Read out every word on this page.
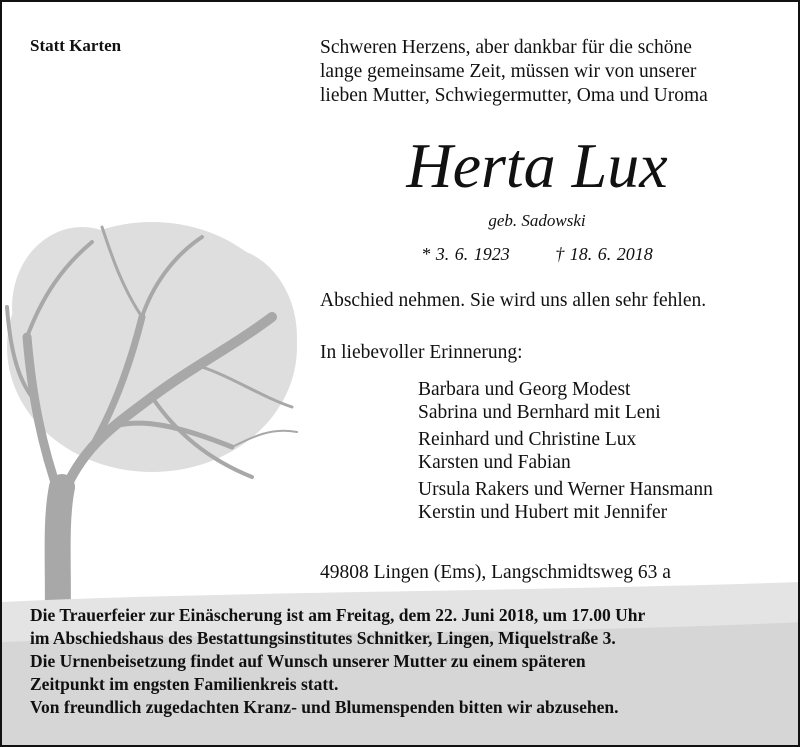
Statt Karten	Schweren Herzens, aber dankbar für die schöne
lange gemeinsame Zeit, müssen wir von unserer
lieben Mutter, Schwiegermutter, Oma und Uroma
Herta Lux
geb. Sadowski
* 3. 6. 1923	† 18. 6. 2018
Abschied nehmen. Sie wird uns allen sehr fehlen.
In liebevoller Erinnerung:
Barbara und Georg Modest
Sabrina und Bernhard mit Leni
Reinhard und Christine Lux
Karsten und Fabian
Ursula Rakers und Werner Hansmann
Kerstin und Hubert mit Jennifer
49808 Lingen (Ems), Langschmidtsweg 63 a
Die Trauerfeier zur Einäscherung ist am Freitag, dem 22. Juni 2018, um 17.00 Uhr
im Abschiedshaus des Bestattungsinstitutes Schnitker, Lingen, Miquelstraße 3.
Die Urnenbeisetzung findet auf Wunsch unserer Mutter zu einem späteren
Zeitpunkt im engsten Familienkreis statt.
Von freundlich zugedachten Kranz- und Blumenspenden bitten wir abzusehen.
